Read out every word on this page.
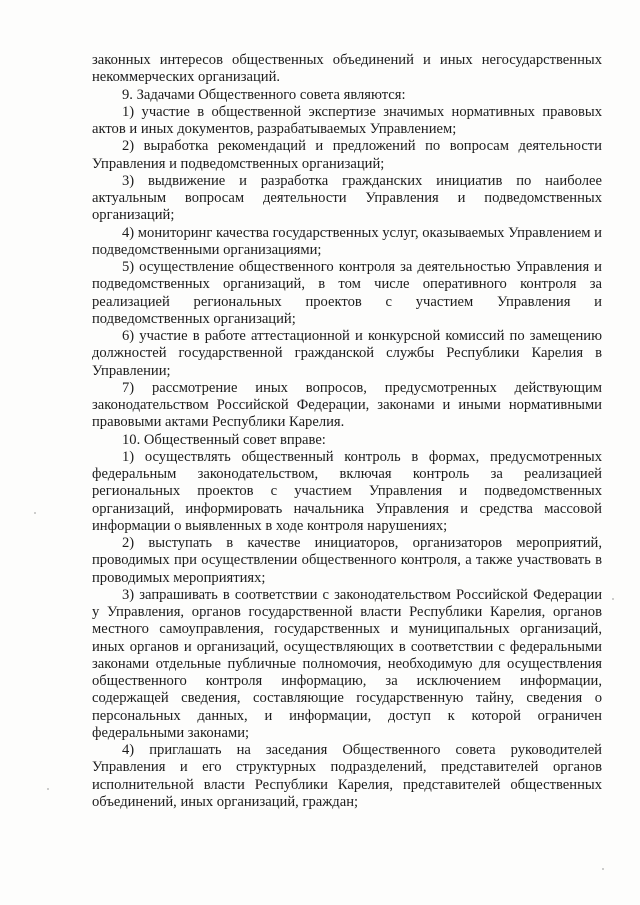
законных интересов общественных объединений и иных негосударственных некоммерческих организаций.

9. Задачами Общественного совета являются:

1) участие в общественной экспертизе значимых нормативных правовых актов и иных документов, разрабатываемых Управлением;

2) выработка рекомендаций и предложений по вопросам деятельности Управления и подведомственных организаций;

3) выдвижение и разработка гражданских инициатив по наиболее актуальным вопросам деятельности Управления и подведомственных организаций;

4) мониторинг качества государственных услуг, оказываемых Управлением и подведомственными организациями;

5) осуществление общественного контроля за деятельностью Управления и подведомственных организаций, в том числе оперативного контроля за реализацией региональных проектов с участием Управления и подведомственных организаций;

6) участие в работе аттестационной и конкурсной комиссий по замещению должностей государственной гражданской службы Республики Карелия в Управлении;

7) рассмотрение иных вопросов, предусмотренных действующим законодательством Российской Федерации, законами и иными нормативными правовыми актами Республики Карелия.

10. Общественный совет вправе:

1) осуществлять общественный контроль в формах, предусмотренных федеральным законодательством, включая контроль за реализацией региональных проектов с участием Управления и подведомственных организаций, информировать начальника Управления и средства массовой информации о выявленных в ходе контроля нарушениях;

2) выступать в качестве инициаторов, организаторов мероприятий, проводимых при осуществлении общественного контроля, а также участвовать в проводимых мероприятиях;

3) запрашивать в соответствии с законодательством Российской Федерации у Управления, органов государственной власти Республики Карелия, органов местного самоуправления, государственных и муниципальных организаций, иных органов и организаций, осуществляющих в соответствии с федеральными законами отдельные публичные полномочия, необходимую для осуществления общественного контроля информацию, за исключением информации, содержащей сведения, составляющие государственную тайну, сведения о персональных данных, и информации, доступ к которой ограничен федеральными законами;

4) приглашать на заседания Общественного совета руководителей Управления и его структурных подразделений, представителей органов исполнительной власти Республики Карелия, представителей общественных объединений, иных организаций, граждан;
